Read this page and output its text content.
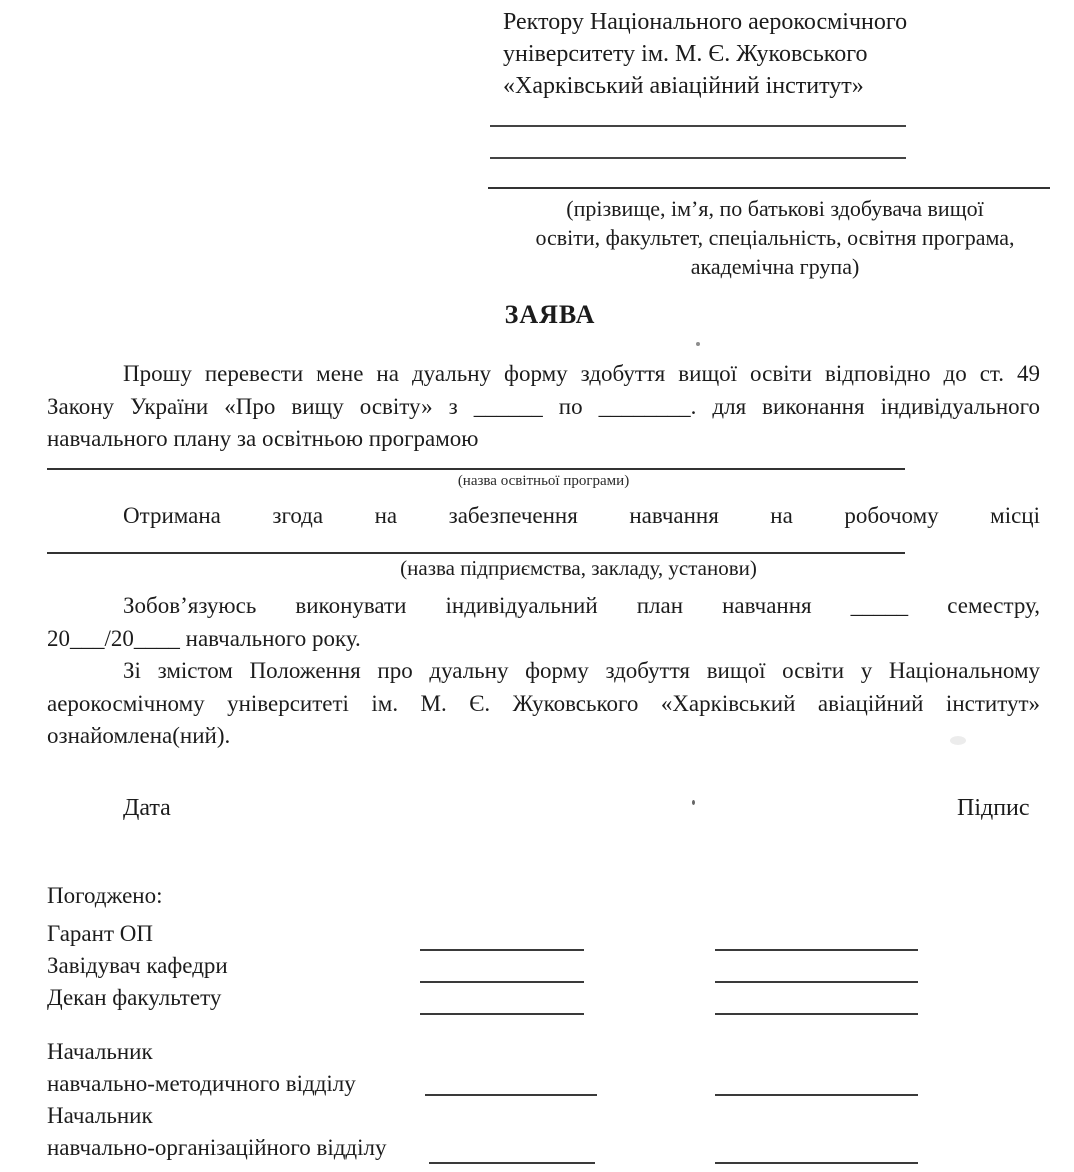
Ректору Національного аерокосмічного
університету ім. М. Є. Жуковського
«Харківський авіаційний інститут»
(прізвище, ім’я, по батькові здобувача вищої
освіти, факультет, спеціальність, освітня програма,
академічна група)
ЗАЯВА
Прошу перевести мене на дуальну форму здобуття вищої освіти відповідно до ст. 49
Закону України «Про вищу освіту» з ______ по ________. для виконання індивідуального
навчального плану за освітньою програмою
(назва освітньої програми)
Отримана згода на забезпечення навчання на робочому місці
(назва підприємства, закладу, установи)
Зобов’язуюсь виконувати індивідуальний план навчання _____ семестру,
20___/20____ навчального року.
Зі змістом Положення про дуальну форму здобуття вищої освіти у Національному
аерокосмічному університеті ім. М. Є. Жуковського «Харківський авіаційний інститут»
ознайомлена(ний).
Дата	Підпис
Погоджено:
Гарант ОП
Завідувач кафедри
Декан факультету
Начальник
навчально-методичного відділу
Начальник
навчально-організаційного відділу
